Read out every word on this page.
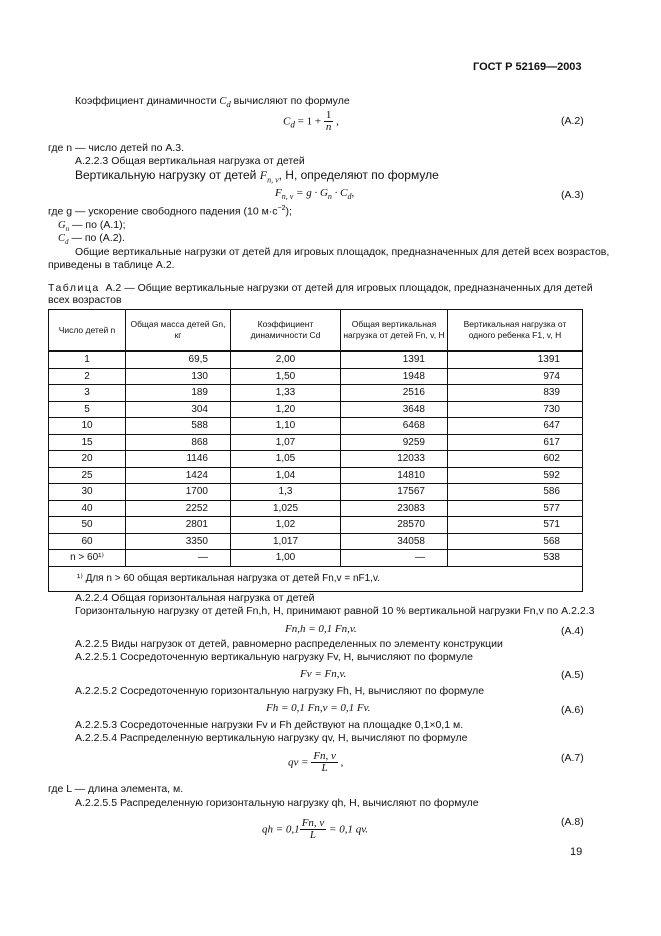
ГОСТ Р 52169—2003
Коэффициент динамичности $C_d$ вычисляют по формуле
$C_d = 1 + \frac{1}{n}$ ,	(А.2)
где n — число детей по А.3.
А.2.2.3 Общая вертикальная нагрузка от детей
Вертикальную нагрузку от детей $F_{n, v}$, Н, определяют по формуле
$F_{n, v} = g \cdot G_n \cdot C_d$,	(А.3)
где g — ускорение свободного падения (10 $м\cdot с^{-2}$);
$G_n$ — по (А.1);
$C_d$ — по (А.2).
Общие вертикальные нагрузки от детей для игровых площадок, предназначенных для детей всех возрастов,
приведены в таблице А.2.
Таблица А.2 — Общие вертикальные нагрузки от детей для игровых площадок, предназначенных для детей
всех возрастов
Число детей n	Общая масса детей Gn, кг	Коэффициент динамичности Cd	Общая вертикальная нагрузка от детей Fn, v, Н	Вертикальная нагрузка от одного ребенка F1, v, Н
1	69,5	2,00	1391	1391
2	130	1,50	1948	974
3	189	1,33	2516	839
5	304	1,20	3648	730
10	588	1,10	6468	647
15	868	1,07	9259	617
20	1146	1,05	12033	602
25	1424	1,04	14810	592
30	1700	1,3	17567	586
40	2252	1,025	23083	577
50	2801	1,02	28570	571
60	3350	1,017	34058	568
n > 60¹⁾	—	1,00	—	538
¹⁾ Для n > 60 общая вертикальная нагрузка от детей Fn,v = nF1,v.				
А.2.2.4 Общая горизонтальная нагрузка от детей
Горизонтальную нагрузку от детей Fn,h, Н, принимают равной 10 % вертикальной нагрузки Fn,v по А.2.2.3
Fn,h = 0,1 Fn,v.	(А.4)
А.2.2.5 Виды нагрузок от детей, равномерно распределенных по элементу конструкции
А.2.2.5.1 Сосредоточенную вертикальную нагрузку Fv, Н, вычисляют по формуле
Fv = Fn,v.	(А.5)
А.2.2.5.2 Сосредоточенную горизонтальную нагрузку Fh, Н, вычисляют по формуле
Fh = 0,1 Fn,v = 0,1 Fv.	(А.6)
А.2.2.5.3 Сосредоточенные нагрузки Fv и Fh действуют на площадке 0,1×0,1 м.
А.2.2.5.4 Распределенную вертикальную нагрузку qv, Н, вычисляют по формуле
qv = $\frac{Fn, v}{L}$ ,	(А.7)
где L — длина элемента, м.
А.2.2.5.5 Распределенную горизонтальную нагрузку qh, Н, вычисляют по формуле
qh = $0,1 \frac{Fn, v}{L} = 0,1$ qv.
(А.8)
19
